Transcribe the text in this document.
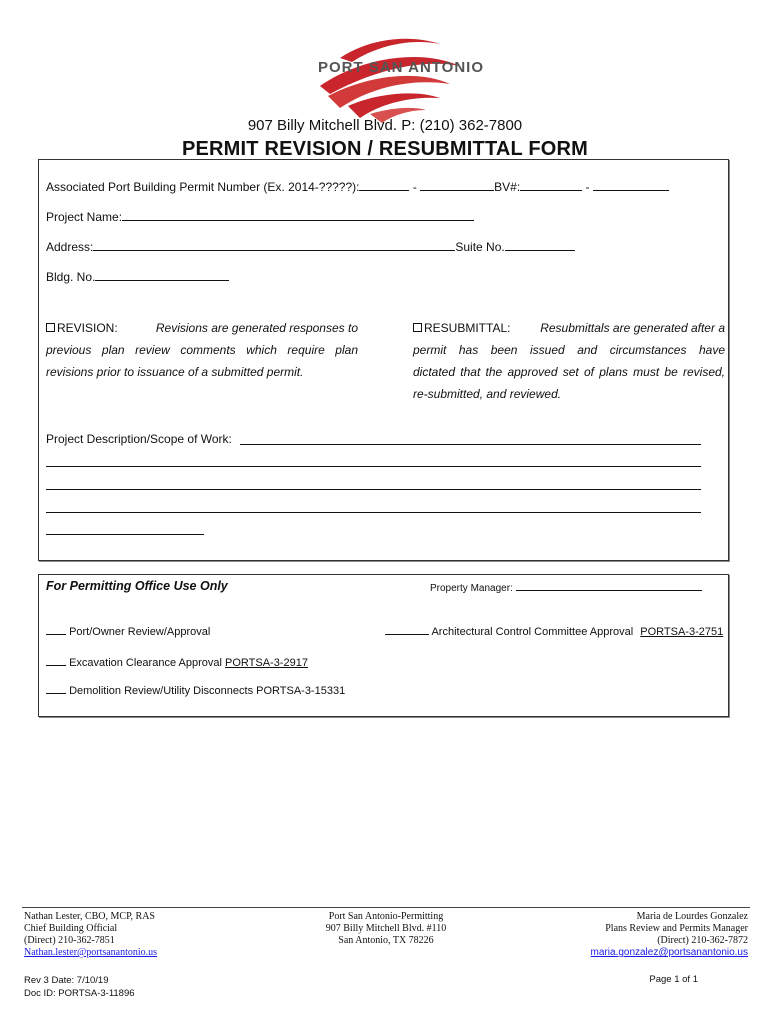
PORT SAN ANTONIO
907 Billy Mitchell Blvd. P: (210) 362-7800
PERMIT REVISION / RESUBMITTAL FORM
Associated Port Building Permit Number (Ex. 2014-?????):	-	BV#:	-
Project Name:
Address:	Suite No.
Bldg. No.
REVISION:	Revisions are generated responses to
previous plan review comments which require plan
revisions prior to issuance of a submitted permit.
RESUBMITTAL: Resubmittals are generated after a
permit has been issued and circumstances have
dictated that the approved set of plans must be revised,
re-submitted, and reviewed.
Project Description/Scope of Work:
For Permitting Office Use Only	Property Manager:
Port/Owner Review/Approval	Architectural Control Committee Approval PORTSA-3-2751
Excavation Clearance Approval PORTSA-3-2917
Demolition Review/Utility Disconnects PORTSA-3-15331
Nathan Lester, CBO, MCP, RAS
Chief Building Official
(Direct) 210-362-7851
Nathan.lester@portsanantonio.us
Port San Antonio-Permitting
907 Billy Mitchell Blvd. #110
San Antonio, TX 78226
Maria de Lourdes Gonzalez
Plans Review and Permits Manager
(Direct) 210-362-7872
maria.gonzalez@portsanantonio.us
Rev 3 Date: 7/10/19
Doc ID: PORTSA-3-11896
Page 1 of 1
